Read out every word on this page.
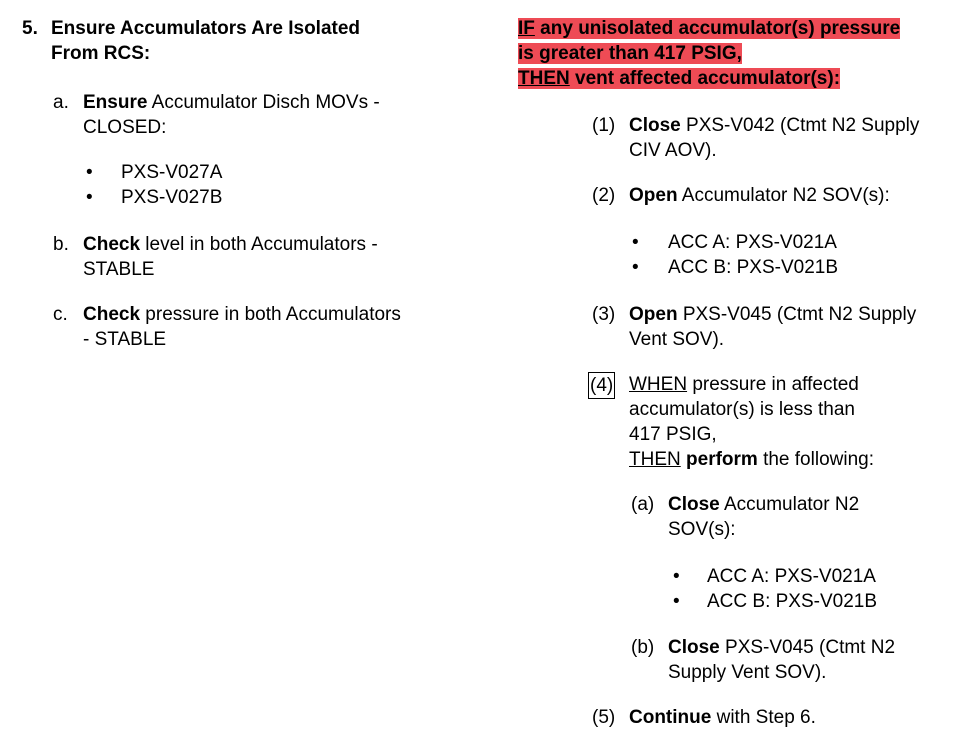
5. Ensure Accumulators Are Isolated
From RCS:
a. Ensure Accumulator Disch MOVs -
CLOSED:
• PXS-V027A
• PXS-V027B
b. Check level in both Accumulators -
STABLE
c. Check pressure in both Accumulators
- STABLE
IF any unisolated accumulator(s) pressure
is greater than 417 PSIG,
THEN vent affected accumulator(s):
(1) Close PXS-V042 (Ctmt N2 Supply
CIV AOV).
(2) Open Accumulator N2 SOV(s):
• ACC A: PXS-V021A
• ACC B: PXS-V021B
(3) Open PXS-V045 (Ctmt N2 Supply
Vent SOV).
(4) WHEN pressure in affected
accumulator(s) is less than
417 PSIG,
THEN perform the following:
(a) Close Accumulator N2
SOV(s):
• ACC A: PXS-V021A
• ACC B: PXS-V021B
(b) Close PXS-V045 (Ctmt N2
Supply Vent SOV).
(5) Continue with Step 6.
